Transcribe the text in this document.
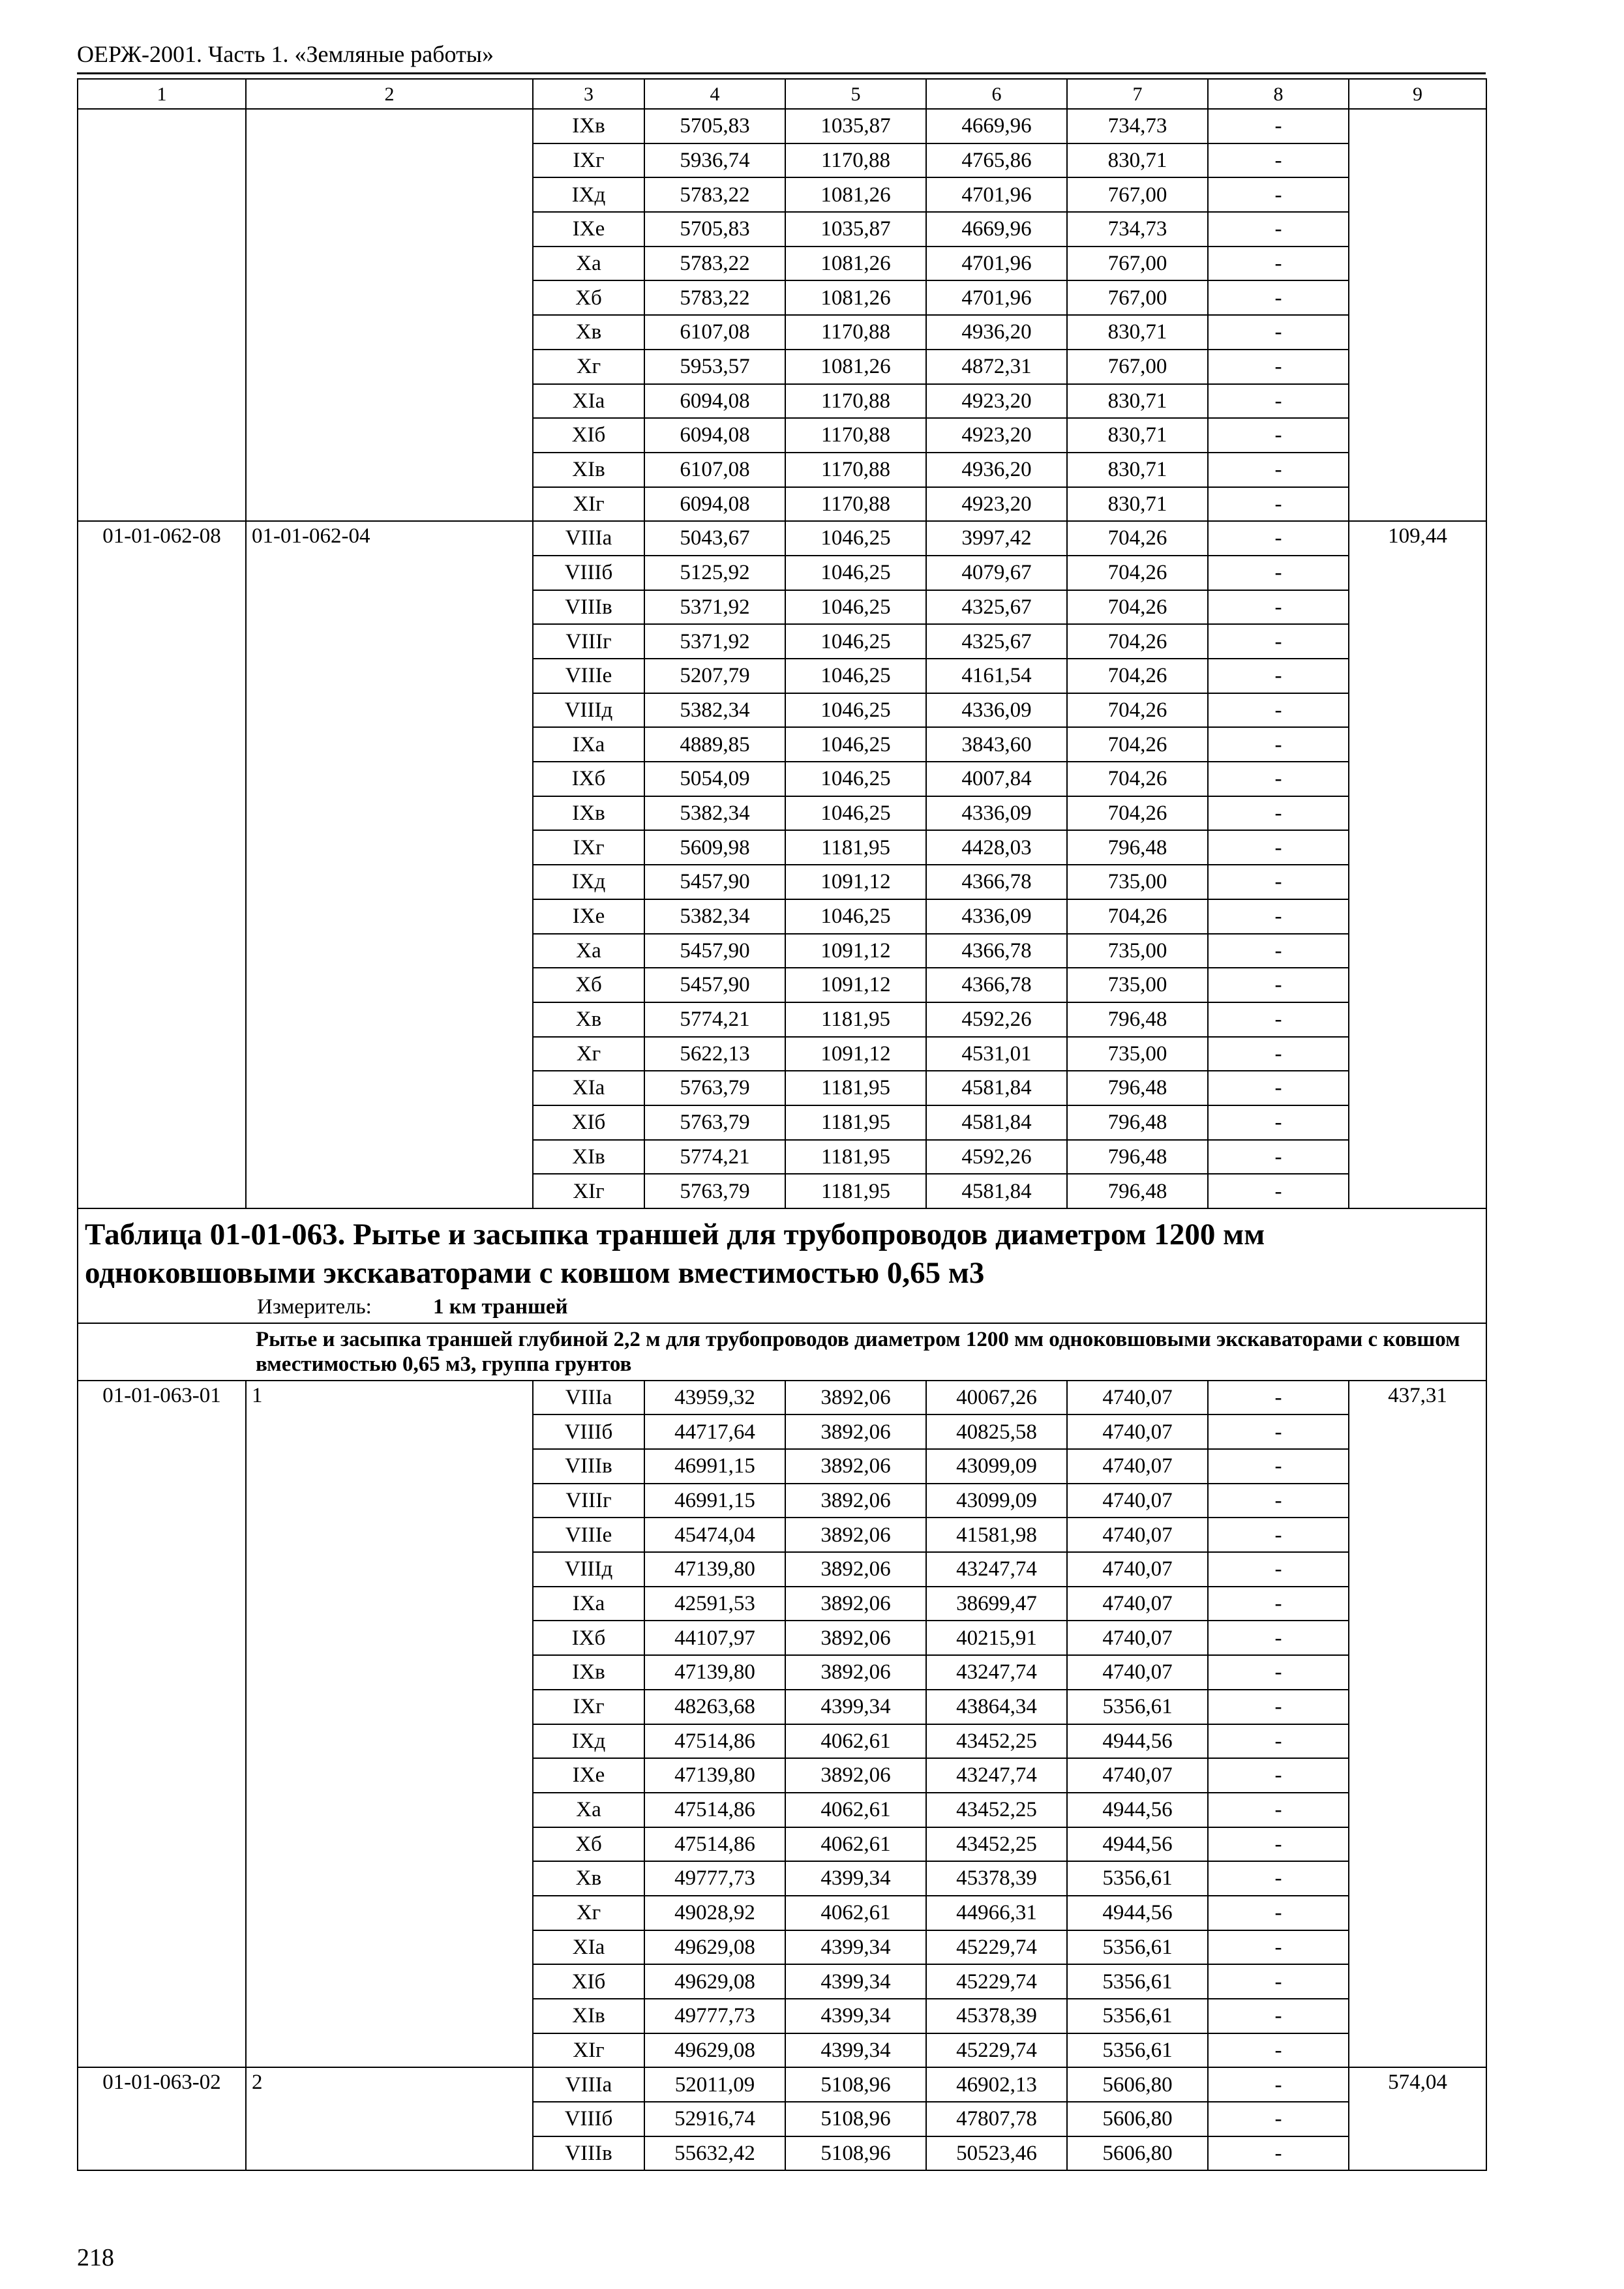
ОЕРЖ-2001. Часть 1. «Земляные работы»
1	2	3	4	5	6	7	8	9
		IXв	5705,83	1035,87	4669,96	734,73	-	
		IXг	5936,74	1170,88	4765,86	830,71	-	
		IXд	5783,22	1081,26	4701,96	767,00	-	
		IXе	5705,83	1035,87	4669,96	734,73	-	
		Xа	5783,22	1081,26	4701,96	767,00	-	
		Xб	5783,22	1081,26	4701,96	767,00	-	
		Xв	6107,08	1170,88	4936,20	830,71	-	
		Xг	5953,57	1081,26	4872,31	767,00	-	
		XIа	6094,08	1170,88	4923,20	830,71	-	
		XIб	6094,08	1170,88	4923,20	830,71	-	
		XIв	6107,08	1170,88	4936,20	830,71	-	
		XIг	6094,08	1170,88	4923,20	830,71	-	
01-01-062-08	01-01-062-04	VIIIа	5043,67	1046,25	3997,42	704,26	-	109,44
		VIIIб	5125,92	1046,25	4079,67	704,26	-	
		VIIIв	5371,92	1046,25	4325,67	704,26	-	
		VIIIг	5371,92	1046,25	4325,67	704,26	-	
		VIIIе	5207,79	1046,25	4161,54	704,26	-	
		VIIIд	5382,34	1046,25	4336,09	704,26	-	
		IXа	4889,85	1046,25	3843,60	704,26	-	
		IXб	5054,09	1046,25	4007,84	704,26	-	
		IXв	5382,34	1046,25	4336,09	704,26	-	
		IXг	5609,98	1181,95	4428,03	796,48	-	
		IXд	5457,90	1091,12	4366,78	735,00	-	
		IXе	5382,34	1046,25	4336,09	704,26	-	
		Xа	5457,90	1091,12	4366,78	735,00	-	
		Xб	5457,90	1091,12	4366,78	735,00	-	
		Xв	5774,21	1181,95	4592,26	796,48	-	
		Xг	5622,13	1091,12	4531,01	735,00	-	
		XIа	5763,79	1181,95	4581,84	796,48	-	
		XIб	5763,79	1181,95	4581,84	796,48	-	
		XIв	5774,21	1181,95	4592,26	796,48	-	
		XIг	5763,79	1181,95	4581,84	796,48	-	

Таблица 01-01-063. Рытье и засыпка траншей для трубопроводов диаметром 1200 мм одноковшовыми экскаваторами с ковшом вместимостью 0,65 м3
Измеритель: 1 км траншей								

Рытье и засыпка траншей глубиной 2,2 м для трубопроводов диаметром 1200 мм одноковшовыми экскаваторами с ковшом вместимостью 0,65 м3, группа грунтов								

01-01-063-01	1	VIIIа	43959,32	3892,06	40067,26	4740,07	-	437,31
		VIIIб	44717,64	3892,06	40825,58	4740,07	-	
		VIIIв	46991,15	3892,06	43099,09	4740,07	-	
		VIIIг	46991,15	3892,06	43099,09	4740,07	-	
		VIIIе	45474,04	3892,06	41581,98	4740,07	-	
		VIIIд	47139,80	3892,06	43247,74	4740,07	-	
		IXа	42591,53	3892,06	38699,47	4740,07	-	
		IXб	44107,97	3892,06	40215,91	4740,07	-	
		IXв	47139,80	3892,06	43247,74	4740,07	-	
		IXг	48263,68	4399,34	43864,34	5356,61	-	
		IXд	47514,86	4062,61	43452,25	4944,56	-	
		IXе	47139,80	3892,06	43247,74	4740,07	-	
		Xа	47514,86	4062,61	43452,25	4944,56	-	
		Xб	47514,86	4062,61	43452,25	4944,56	-	
		Xв	49777,73	4399,34	45378,39	5356,61	-	
		Xг	49028,92	4062,61	44966,31	4944,56	-	
		XIа	49629,08	4399,34	45229,74	5356,61	-	
		XIб	49629,08	4399,34	45229,74	5356,61	-	
		XIв	49777,73	4399,34	45378,39	5356,61	-	
		XIг	49629,08	4399,34	45229,74	5356,61	-	
01-01-063-02	2	VIIIа	52011,09	5108,96	46902,13	5606,80	-	574,04
		VIIIб	52916,74	5108,96	47807,78	5606,80	-	
		VIIIв	55632,42	5108,96	50523,46	5606,80	-	
218
